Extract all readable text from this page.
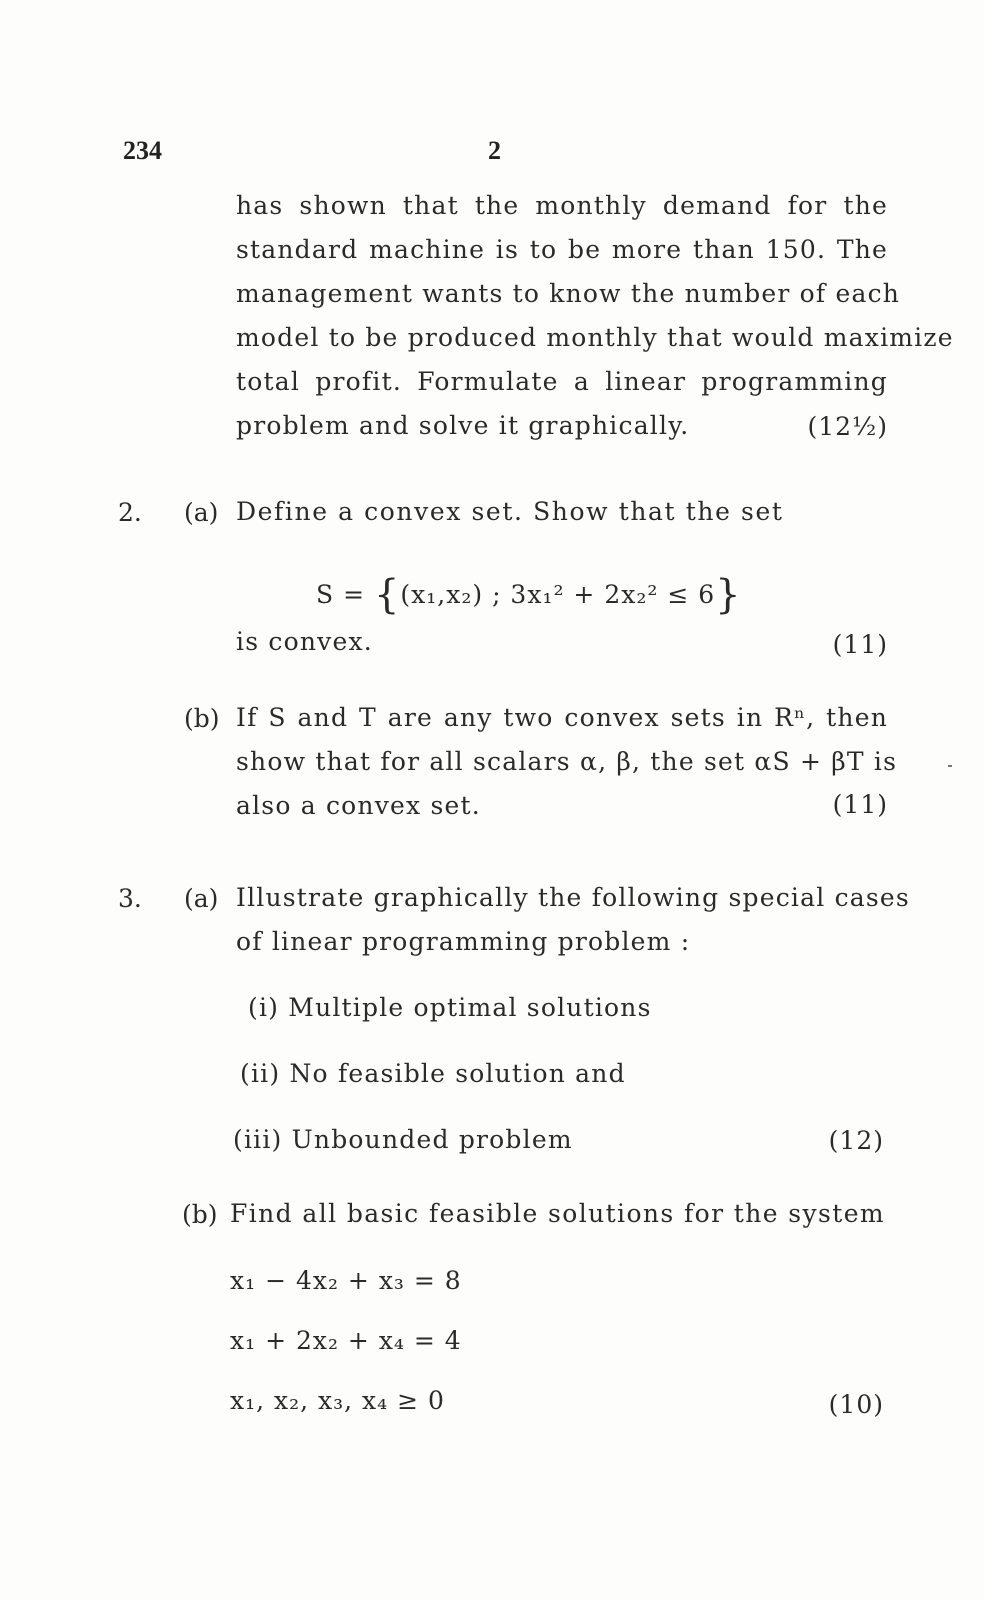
234	2
has shown that the monthly demand for the
standard machine is to be more than 150. The
management wants to know the number of each
model to be produced monthly that would maximize
total profit. Formulate a linear programming
problem and solve it graphically.	(12½)
2. (a) Define a convex set. Show that the set
S = {(x₁,x₂) ; 3x₁² + 2x₂² ≤ 6}
is convex.	(11)
(b) If S and T are any two convex sets in Rⁿ, then
show that for all scalars α, β, the set αS + βT is
also a convex set.	(11)
3. (a) Illustrate graphically the following special cases
of linear programming problem :
(i) Multiple optimal solutions
(ii) No feasible solution and
(iii) Unbounded problem	(12)
(b) Find all basic feasible solutions for the system
x₁ − 4x₂ + x₃ = 8
x₁ + 2x₂ + x₄ = 4
x₁, x₂, x₃, x₄ ≥ 0	(10)
